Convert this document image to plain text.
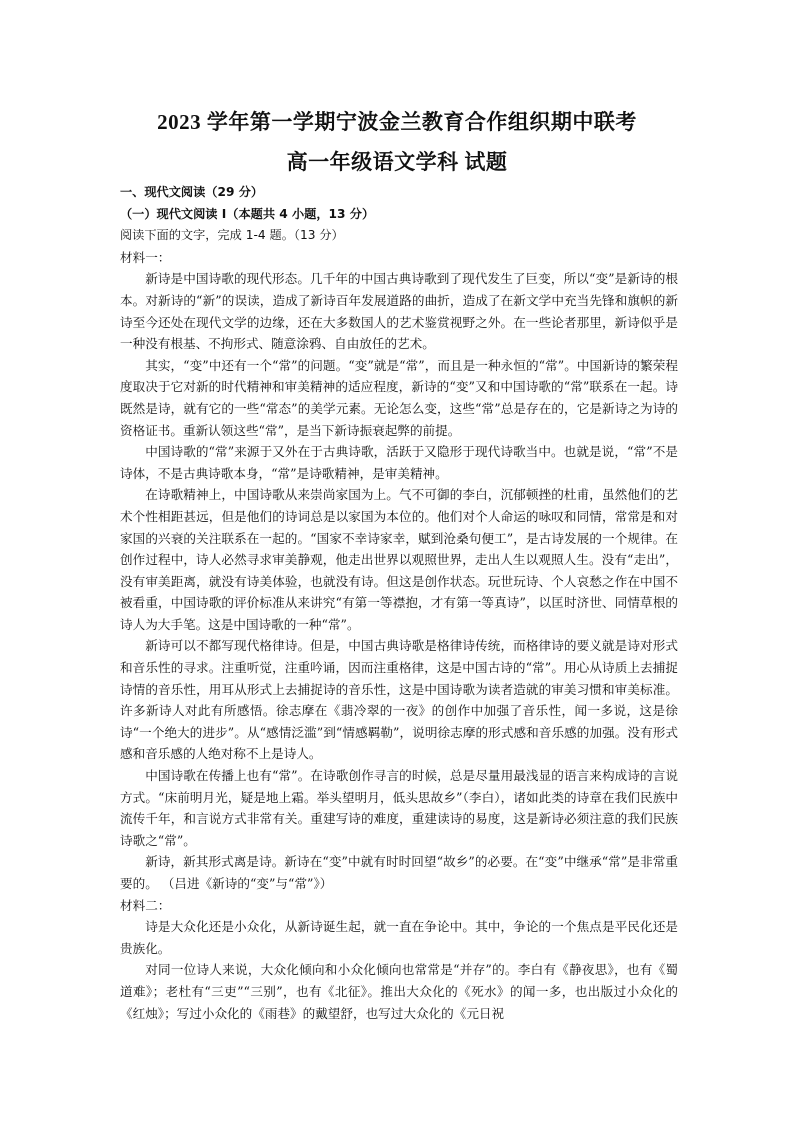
2023 学年第一学期宁波金兰教育合作组织期中联考
高一年级语文学科 试题

一、现代文阅读（29 分）

（一）现代文阅读 I（本题共 4 小题，13 分）

阅读下面的文字，完成 1-4 题。（13 分）

材料一：

新诗是中国诗歌的现代形态。几千年的中国古典诗歌到了现代发生了巨变，所以“变”是新诗的根本。对新诗的“新”的误读，造成了新诗百年发展道路的曲折，造成了在新文学中充当先锋和旗帜的新诗至今还处在现代文学的边缘，还在大多数国人的艺术鉴赏视野之外。在一些论者那里，新诗似乎是一种没有根基、不拘形式、随意涂鸦、自由放任的艺术。

其实，“变”中还有一个“常”的问题。“变”就是“常”，而且是一种永恒的“常”。中国新诗的繁荣程度取决于它对新的时代精神和审美精神的适应程度，新诗的“变”又和中国诗歌的“常”联系在一起。诗既然是诗，就有它的一些“常态”的美学元素。无论怎么变，这些“常”总是存在的，它是新诗之为诗的资格证书。重新认领这些“常”，是当下新诗振衰起弊的前提。

中国诗歌的“常”来源于又外在于古典诗歌，活跃于又隐形于现代诗歌当中。也就是说，“常”不是诗体，不是古典诗歌本身，“常”是诗歌精神，是审美精神。

在诗歌精神上，中国诗歌从来崇尚家国为上。气不可御的李白，沉郁顿挫的杜甫，虽然他们的艺术个性相距甚远，但是他们的诗词总是以家国为本位的。他们对个人命运的咏叹和同情，常常是和对家国的兴衰的关注联系在一起的。“国家不幸诗家幸，赋到沧桑句便工”，是古诗发展的一个规律。在创作过程中，诗人必然寻求审美静观，他走出世界以观照世界，走出人生以观照人生。没有“走出”，没有审美距离，就没有诗美体验，也就没有诗。但这是创作状态。玩世玩诗、个人哀愁之作在中国不被看重，中国诗歌的评价标准从来讲究“有第一等襟抱，才有第一等真诗”，以匡时济世、同情草根的诗人为大手笔。这是中国诗歌的一种“常”。

新诗可以不都写现代格律诗。但是，中国古典诗歌是格律诗传统，而格律诗的要义就是诗对形式和音乐性的寻求。注重听觉，注重吟诵，因而注重格律，这是中国古诗的“常”。用心从诗质上去捕捉诗情的音乐性，用耳从形式上去捕捉诗的音乐性，这是中国诗歌为读者造就的审美习惯和审美标准。许多新诗人对此有所感悟。徐志摩在《翡冷翠的一夜》的创作中加强了音乐性，闻一多说，这是徐诗“一个绝大的进步”。从“感情泛滥”到“情感羁勒”，说明徐志摩的形式感和音乐感的加强。没有形式感和音乐感的人绝对称不上是诗人。

中国诗歌在传播上也有“常”。在诗歌创作寻言的时候，总是尽量用最浅显的语言来构成诗的言说方式。“床前明月光，疑是地上霜。举头望明月，低头思故乡”（李白），诸如此类的诗章在我们民族中流传千年，和言说方式非常有关。重建写诗的难度，重建读诗的易度，这是新诗必须注意的我们民族诗歌之“常”。

新诗，新其形式离是诗。新诗在“变”中就有时时回望“故乡”的必要。在“变”中继承“常”是非常重要的。 （吕进《新诗的“变”与“常”》）

材料二：

诗是大众化还是小众化，从新诗诞生起，就一直在争论中。其中，争论的一个焦点是平民化还是贵族化。

对同一位诗人来说，大众化倾向和小众化倾向也常常是“并存”的。李白有《静夜思》，也有《蜀道难》；老杜有“三吏”“三别”，也有《北征》。推出大众化的《死水》的闻一多，也出版过小众化的《红烛》；写过小众化的《雨巷》的戴望舒，也写过大众化的《元日祝
